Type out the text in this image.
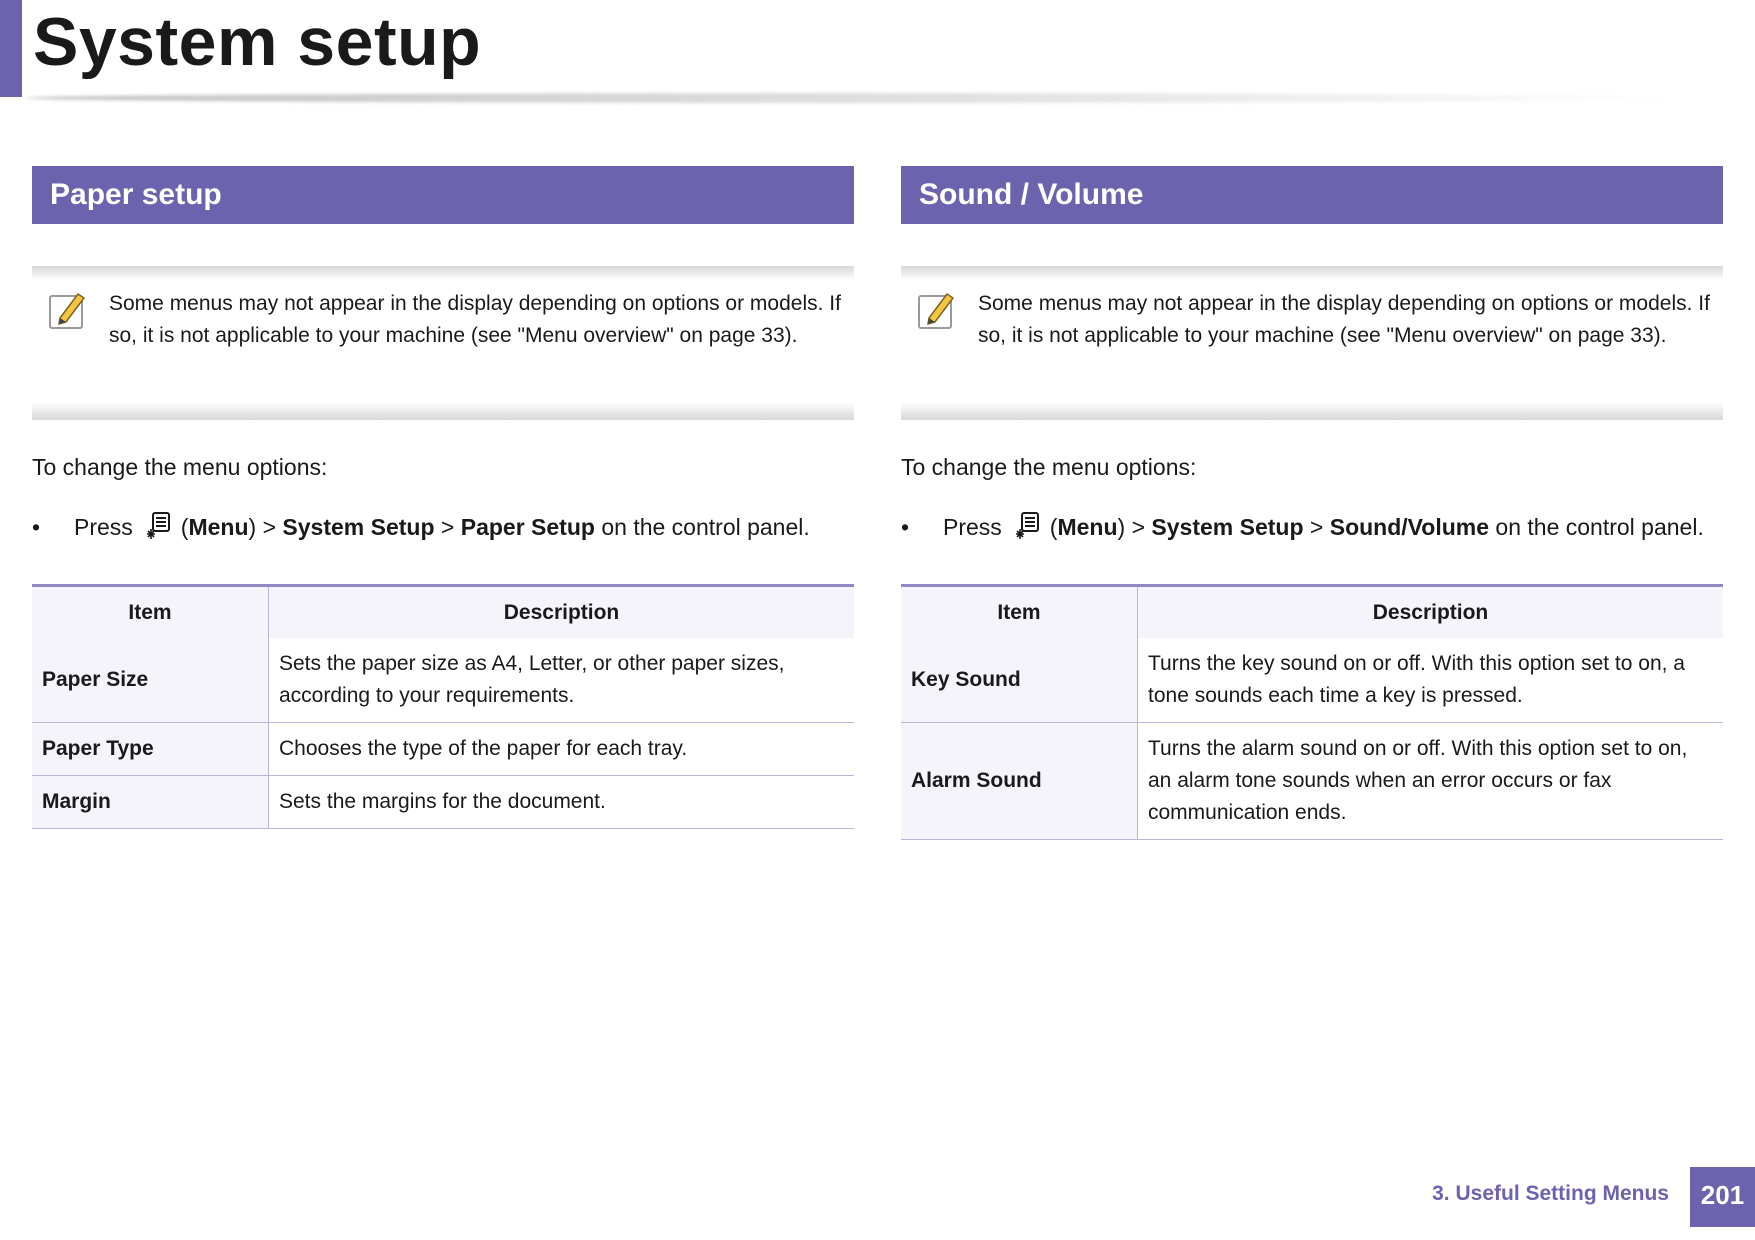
System setup
Paper setup
Some menus may not appear in the display depending on options or models. If so, it is not applicable to your machine (see "Menu overview" on page 33).
To change the menu options:
• Press (Menu) > System Setup > Paper Setup on the control panel.
Item	Description
Paper Size	Sets the paper size as A4, Letter, or other paper sizes, according to your requirements.
Paper Type	Chooses the type of the paper for each tray.
Margin	Sets the margins for the document.
Sound / Volume
Some menus may not appear in the display depending on options or models. If so, it is not applicable to your machine (see "Menu overview" on page 33).
To change the menu options:
• Press (Menu) > System Setup > Sound/Volume on the control panel.
Item	Description
Key Sound	Turns the key sound on or off. With this option set to on, a tone sounds each time a key is pressed.
Alarm Sound	Turns the alarm sound on or off. With this option set to on, an alarm tone sounds when an error occurs or fax communication ends.
3. Useful Setting Menus	201
